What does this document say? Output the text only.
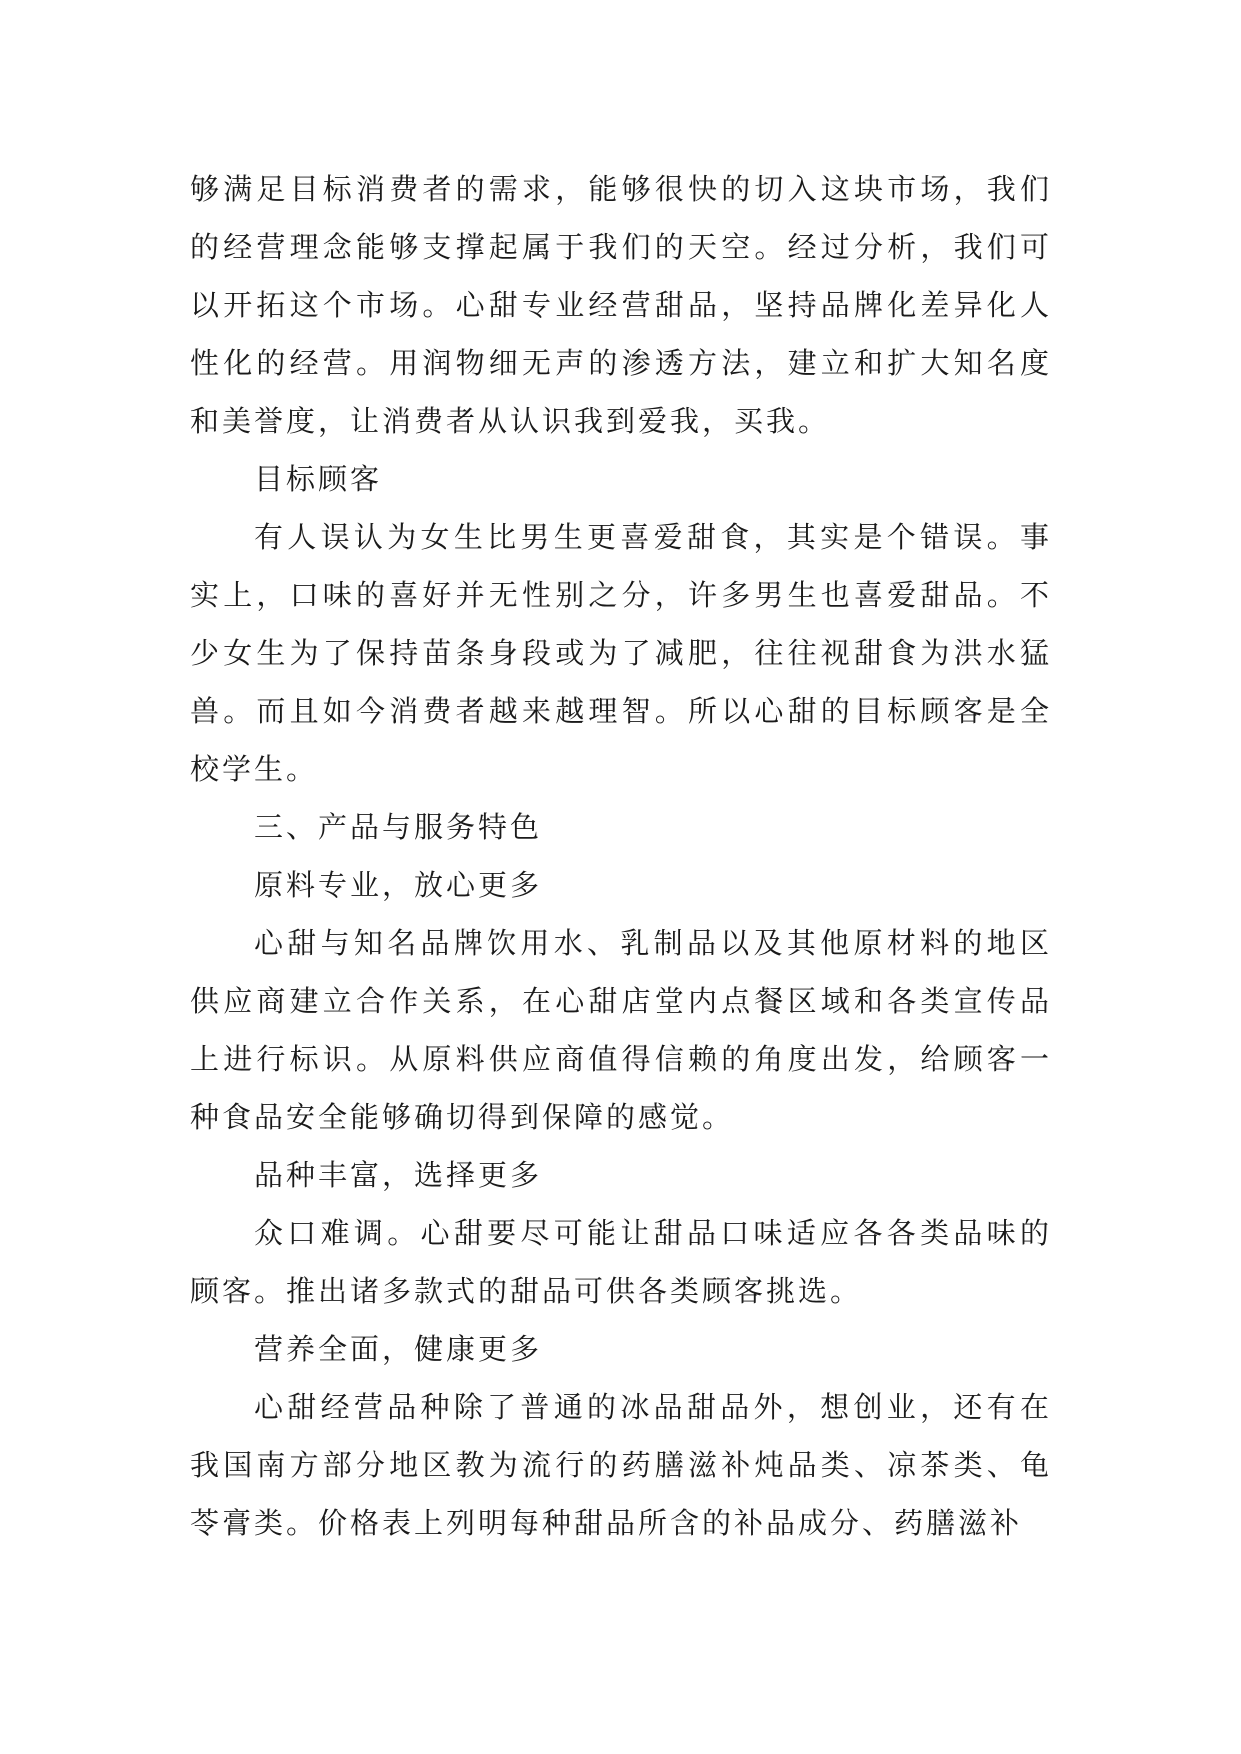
够满足目标消费者的需求，能够很快的切入这块市场，我们的经营理念能够支撑起属于我们的天空。经过分析，我们可以开拓这个市场。心甜专业经营甜品，坚持品牌化差异化人性化的经营。用润物细无声的渗透方法，建立和扩大知名度和美誉度，让消费者从认识我到爱我，买我。

目标顾客

有人误认为女生比男生更喜爱甜食，其实是个错误。事实上，口味的喜好并无性别之分，许多男生也喜爱甜品。不少女生为了保持苗条身段或为了减肥，往往视甜食为洪水猛兽。而且如今消费者越来越理智。所以心甜的目标顾客是全校学生。

三、产品与服务特色

原料专业，放心更多

心甜与知名品牌饮用水、乳制品以及其他原材料的地区供应商建立合作关系，在心甜店堂内点餐区域和各类宣传品上进行标识。从原料供应商值得信赖的角度出发，给顾客一种食品安全能够确切得到保障的感觉。

品种丰富，选择更多

众口难调。心甜要尽可能让甜品口味适应各各类品味的顾客。推出诸多款式的甜品可供各类顾客挑选。

营养全面，健康更多

心甜经营品种除了普通的冰品甜品外，想创业，还有在我国南方部分地区教为流行的药膳滋补炖品类、凉茶类、龟苓膏类。价格表上列明每种甜品所含的补品成分、药膳滋补
